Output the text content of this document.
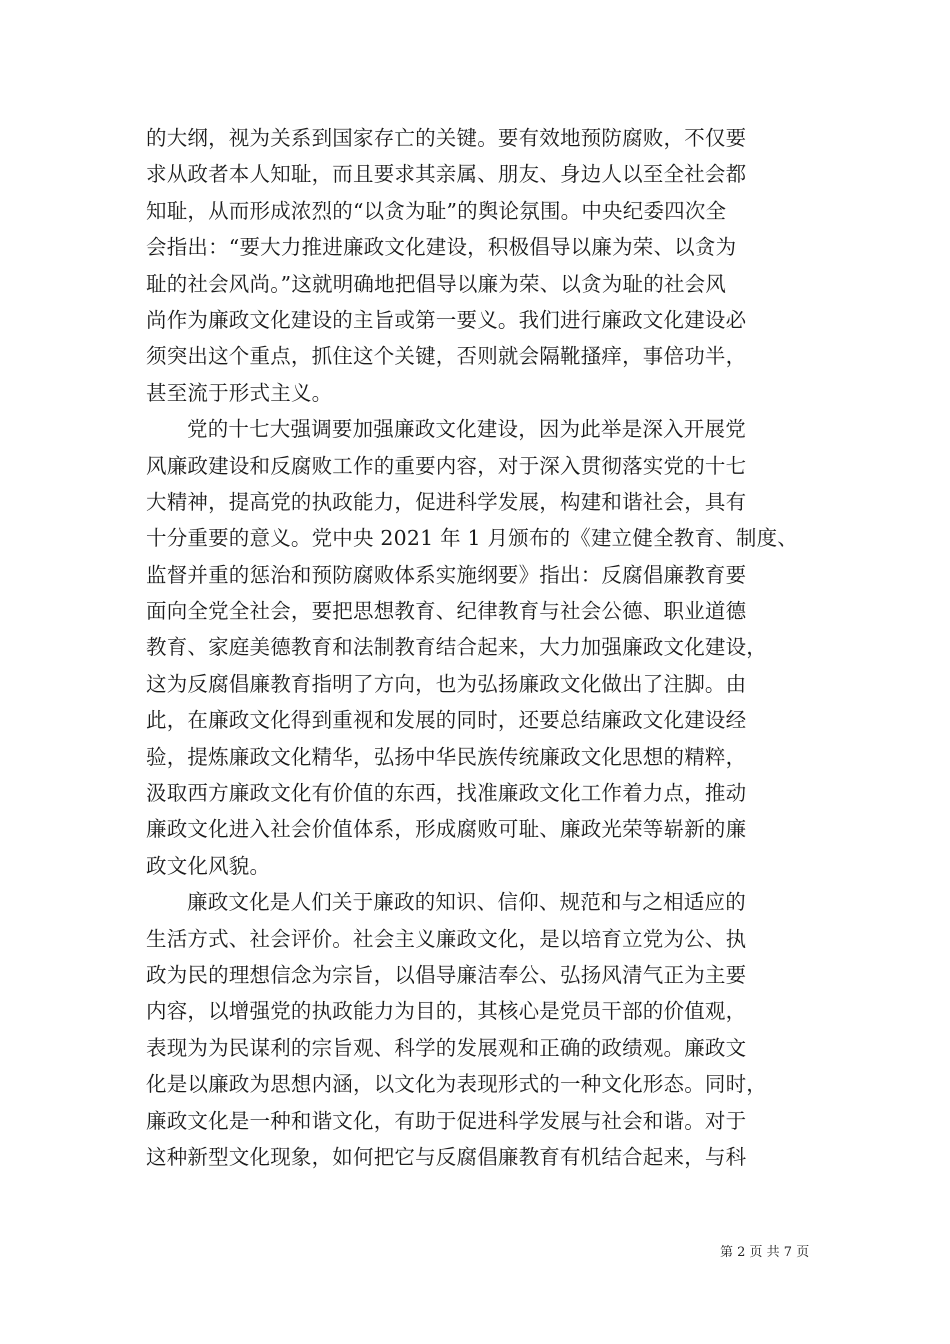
的大纲，视为关系到国家存亡的关键。要有效地预防腐败，不仅要
求从政者本人知耻，而且要求其亲属、朋友、身边人以至全社会都
知耻，从而形成浓烈的“以贪为耻”的舆论氛围。中央纪委四次全
会指出：“要大力推进廉政文化建设，积极倡导以廉为荣、以贪为
耻的社会风尚。”这就明确地把倡导以廉为荣、以贪为耻的社会风
尚作为廉政文化建设的主旨或第一要义。我们进行廉政文化建设必
须突出这个重点，抓住这个关键，否则就会隔靴搔痒，事倍功半，
甚至流于形式主义。
党的十七大强调要加强廉政文化建设，因为此举是深入开展党
风廉政建设和反腐败工作的重要内容，对于深入贯彻落实党的十七
大精神，提高党的执政能力，促进科学发展，构建和谐社会，具有
十分重要的意义。党中央 2021 年 1 月颁布的《建立健全教育、制度、
监督并重的惩治和预防腐败体系实施纲要》指出：反腐倡廉教育要
面向全党全社会，要把思想教育、纪律教育与社会公德、职业道德
教育、家庭美德教育和法制教育结合起来，大力加强廉政文化建设，
这为反腐倡廉教育指明了方向，也为弘扬廉政文化做出了注脚。由
此，在廉政文化得到重视和发展的同时，还要总结廉政文化建设经
验，提炼廉政文化精华，弘扬中华民族传统廉政文化思想的精粹，
汲取西方廉政文化有价值的东西，找准廉政文化工作着力点，推动
廉政文化进入社会价值体系，形成腐败可耻、廉政光荣等崭新的廉
政文化风貌。
廉政文化是人们关于廉政的知识、信仰、规范和与之相适应的
生活方式、社会评价。社会主义廉政文化，是以培育立党为公、执
政为民的理想信念为宗旨，以倡导廉洁奉公、弘扬风清气正为主要
内容，以增强党的执政能力为目的，其核心是党员干部的价值观，
表现为为民谋利的宗旨观、科学的发展观和正确的政绩观。廉政文
化是以廉政为思想内涵，以文化为表现形式的一种文化形态。同时，
廉政文化是一种和谐文化，有助于促进科学发展与社会和谐。对于
这种新型文化现象，如何把它与反腐倡廉教育有机结合起来，与科
第 2 页 共 7 页
